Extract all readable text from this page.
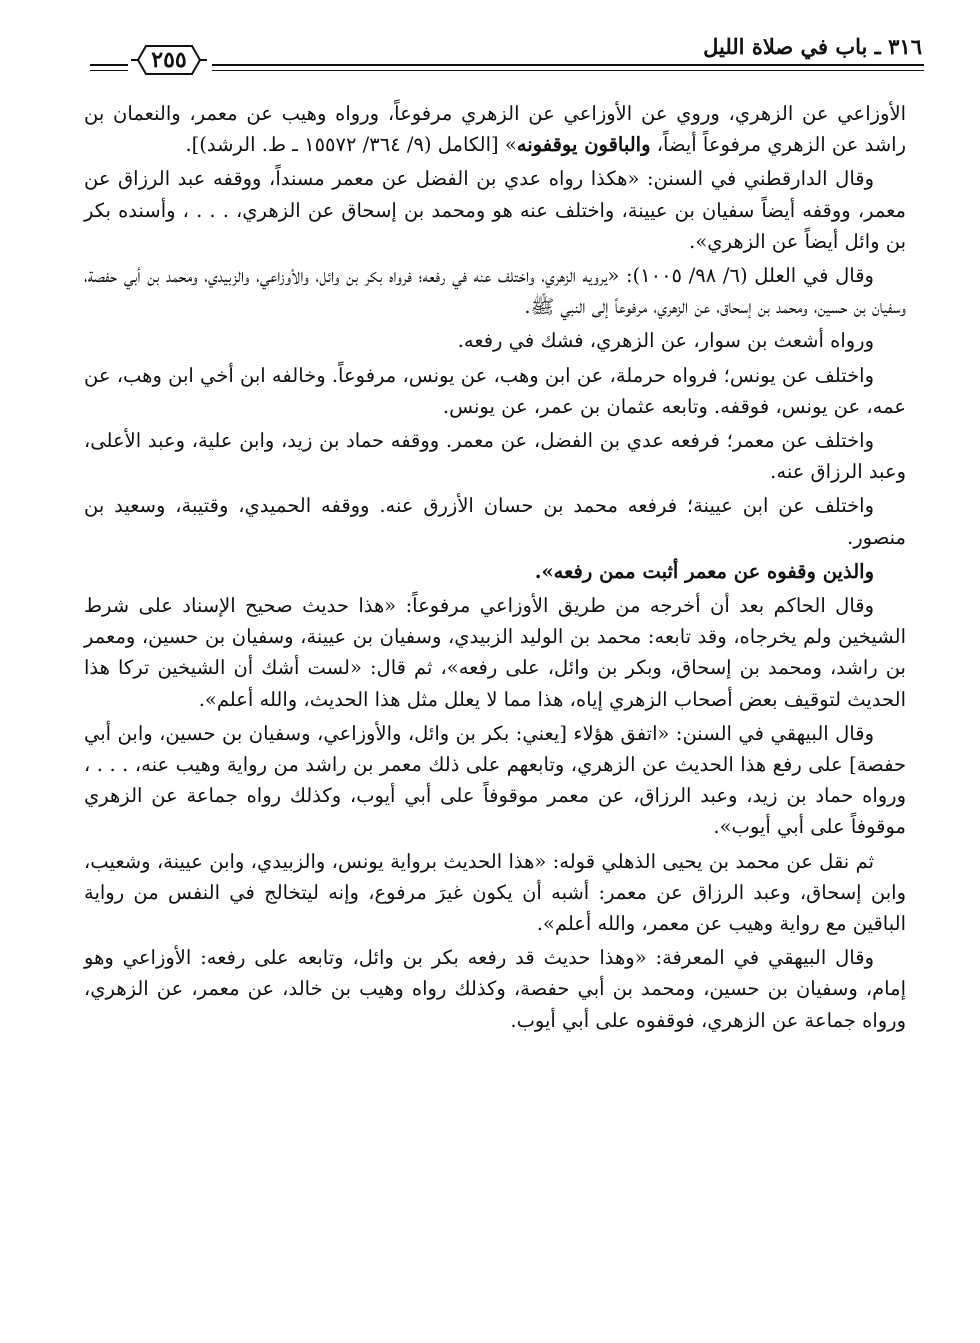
٣١٦ ـ باب في صلاة الليل
٢٥٥

الأوزاعي عن الزهري، وروي عن الأوزاعي عن الزهري مرفوعاً، ورواه وهيب عن معمر، والنعمان بن راشد عن الزهري مرفوعاً أيضاً، والباقون يوقفونه» [الكامل (٩/ ٣٦٤/ ١٥٥٧٢ ـ ط. الرشد)].

وقال الدارقطني في السنن: «هكذا رواه عدي بن الفضل عن معمر مسنداً، ووقفه عبد الرزاق عن معمر، ووقفه أيضاً سفيان بن عيينة، واختلف عنه هو ومحمد بن إسحاق عن الزهري، . . . ، وأسنده بكر بن وائل أيضاً عن الزهري».

وقال في العلل (٦/ ٩٨/ ١٠٠٥): «يرويه الزهري، واختلف عنه في رفعه؛ فرواه بكر بن وائل، والأوزاعي، والزبيدي، ومحمد بن أبي حفصة، وسفيان بن حسين، ومحمد بن إسحاق، عن الزهري، مرفوعاً إلى النبي ﷺ.

ورواه أشعث بن سوار، عن الزهري، فشك في رفعه.

واختلف عن يونس؛ فرواه حرملة، عن ابن وهب، عن يونس، مرفوعاً. وخالفه ابن أخي ابن وهب، عن عمه، عن يونس، فوقفه. وتابعه عثمان بن عمر، عن يونس.

واختلف عن معمر؛ فرفعه عدي بن الفضل، عن معمر. ووقفه حماد بن زيد، وابن علية، وعبد الأعلى، وعبد الرزاق عنه.

واختلف عن ابن عيينة؛ فرفعه محمد بن حسان الأزرق عنه. ووقفه الحميدي، وقتيبة، وسعيد بن منصور.

والذين وقفوه عن معمر أثبت ممن رفعه».

وقال الحاكم بعد أن أخرجه من طريق الأوزاعي مرفوعاً: «هذا حديث صحيح الإسناد على شرط الشيخين ولم يخرجاه، وقد تابعه: محمد بن الوليد الزبيدي، وسفيان بن عيينة، وسفيان بن حسين، ومعمر بن راشد، ومحمد بن إسحاق، وبكر بن وائل، على رفعه»، ثم قال: «لست أشك أن الشيخين تركا هذا الحديث لتوقيف بعض أصحاب الزهري إياه، هذا مما لا يعلل مثل هذا الحديث، والله أعلم».

وقال البيهقي في السنن: «اتفق هؤلاء [يعني: بكر بن وائل، والأوزاعي، وسفيان بن حسين، وابن أبي حفصة] على رفع هذا الحديث عن الزهري، وتابعهم على ذلك معمر بن راشد من رواية وهيب عنه، . . . ، ورواه حماد بن زيد، وعبد الرزاق، عن معمر موقوفاً على أبي أيوب، وكذلك رواه جماعة عن الزهري موقوفاً على أبي أيوب».

ثم نقل عن محمد بن يحيى الذهلي قوله: «هذا الحديث برواية يونس، والزبيدي، وابن عيينة، وشعيب، وابن إسحاق، وعبد الرزاق عن معمر: أشبه أن يكون غيرَ مرفوع، وإنه ليتخالج في النفس من رواية الباقين مع رواية وهيب عن معمر، والله أعلم».

وقال البيهقي في المعرفة: «وهذا حديث قد رفعه بكر بن وائل، وتابعه على رفعه: الأوزاعي وهو إمام، وسفيان بن حسين، ومحمد بن أبي حفصة، وكذلك رواه وهيب بن خالد، عن معمر، عن الزهري، ورواه جماعة عن الزهري، فوقفوه على أبي أيوب.
